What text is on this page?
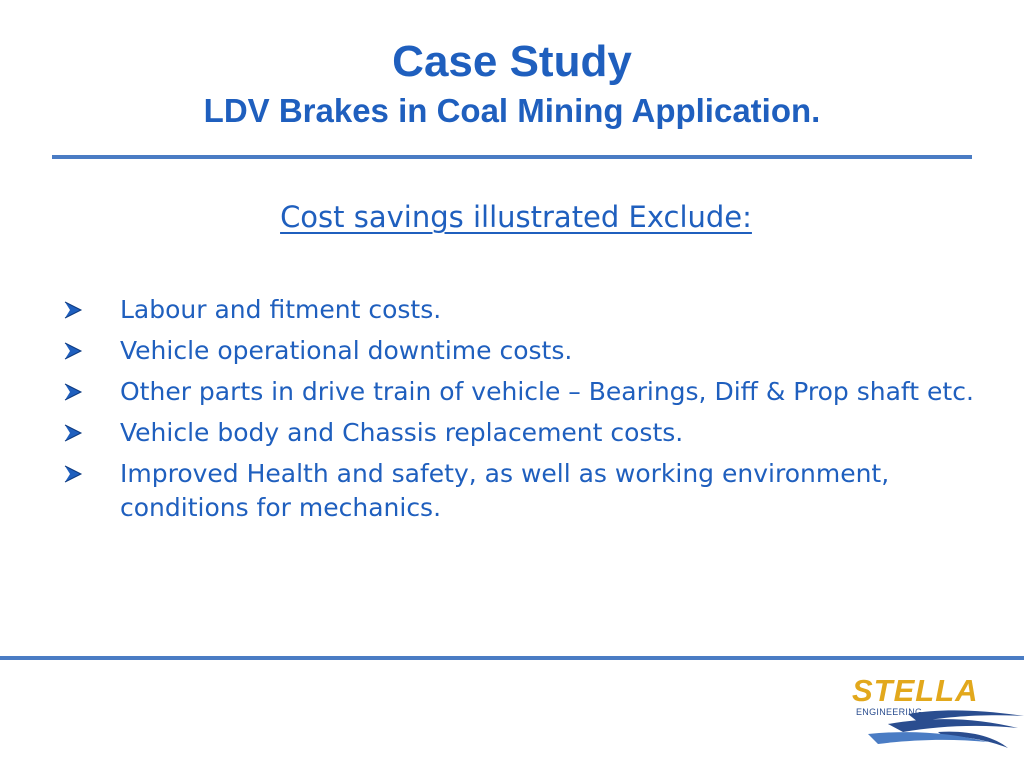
Case Study
LDV Brakes in Coal Mining Application.
Cost savings illustrated Exclude:
Labour and fitment costs.
Vehicle operational downtime costs.
Other parts in drive train of vehicle – Bearings, Diff & Prop shaft etc.
Vehicle body and Chassis replacement costs.
Improved Health and safety, as well as working environment, conditions for mechanics.
STELLA
ENGINEERING
